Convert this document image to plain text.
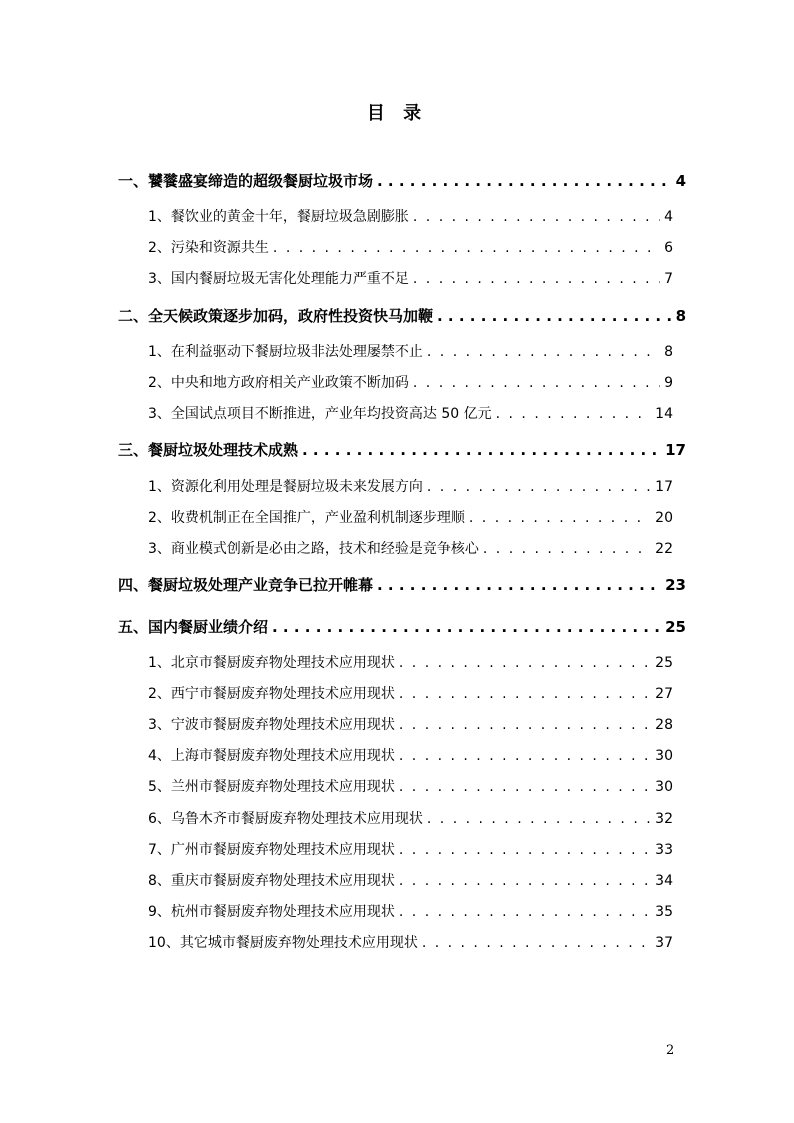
目 录
一、饕餮盛宴缔造的超级餐厨垃圾市场 . . .	4
1、餐饮业的黄金十年，餐厨垃圾急剧膨胀 . . .	4
2、污染和资源共生 . . .	6
3、国内餐厨垃圾无害化处理能力严重不足 . . .	7
二、全天候政策逐步加码，政府性投资快马加鞭 . . .	8
1、在利益驱动下餐厨垃圾非法处理屡禁不止 . . .	8
2、中央和地方政府相关产业政策不断加码 . . .	9
3、全国试点项目不断推进，产业年均投资高达 50 亿元 . . .	14
三、餐厨垃圾处理技术成熟 . . .	17
1、资源化利用处理是餐厨垃圾未来发展方向 . . .	17
2、收费机制正在全国推广，产业盈利机制逐步理顺 . . .	20
3、商业模式创新是必由之路，技术和经验是竞争核心 . . .	22
四、餐厨垃圾处理产业竞争已拉开帷幕 . . .	23
五、国内餐厨业绩介绍 . . .	25
1、北京市餐厨废弃物处理技术应用现状 . . .	25
2、西宁市餐厨废弃物处理技术应用现状 . . .	27
3、宁波市餐厨废弃物处理技术应用现状 . . .	28
4、上海市餐厨废弃物处理技术应用现状 . . .	30
5、兰州市餐厨废弃物处理技术应用现状 . . .	30
6、乌鲁木齐市餐厨废弃物处理技术应用现状 . . .	32
7、广州市餐厨废弃物处理技术应用现状 . . .	33
8、重庆市餐厨废弃物处理技术应用现状 . . .	34
9、杭州市餐厨废弃物处理技术应用现状 . . .	35
10、其它城市餐厨废弃物处理技术应用现状 . . .	37
2
